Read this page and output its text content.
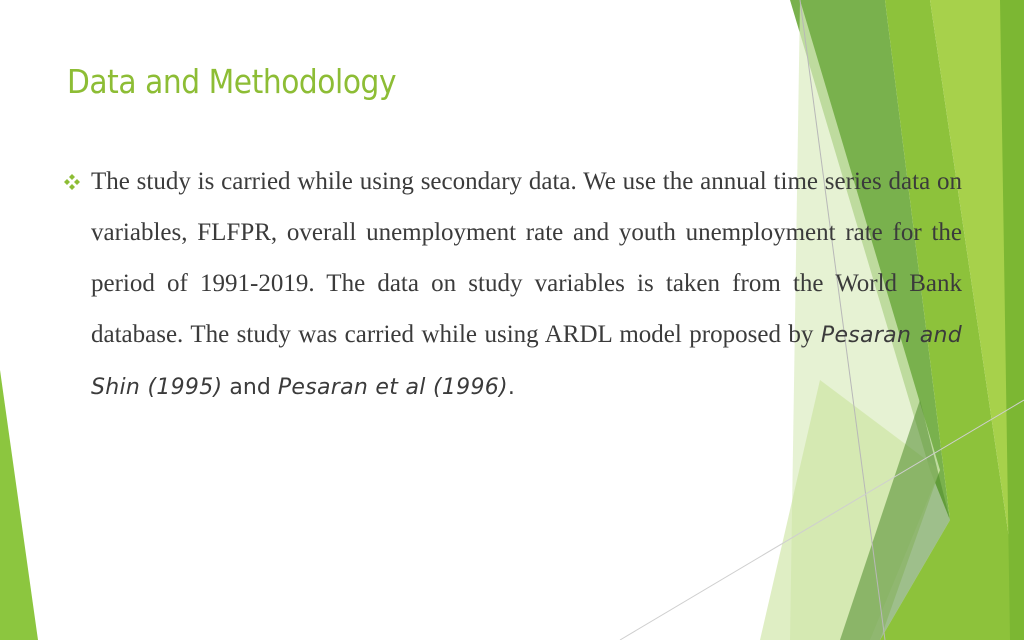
Data and Methodology

The study is carried while using secondary data. We use the annual time series data on variables, FLFPR, overall unemployment rate and youth unemployment rate for the period of 1991-2019. The data on study variables is taken from the World Bank database. The study was carried while using ARDL model proposed by Pesaran and Shin (1995) and Pesaran et al (1996).
